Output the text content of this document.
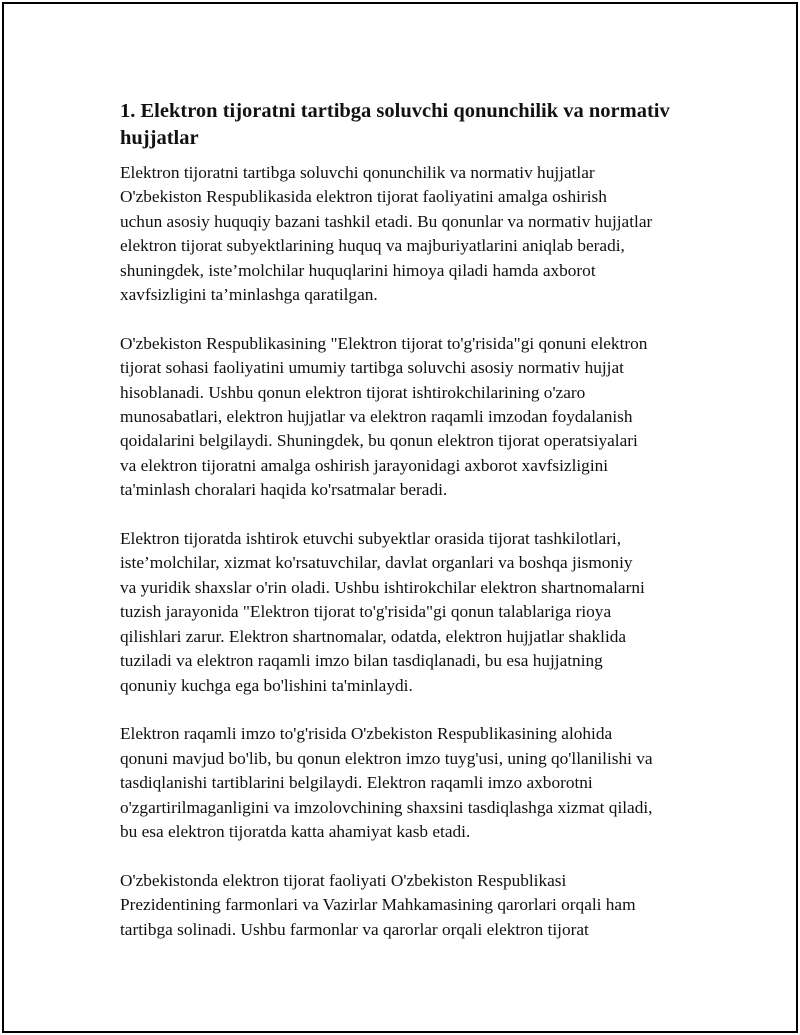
1. Elektron tijoratni tartibga soluvchi qonunchilik va normativ
hujjatlar

Elektron tijoratni tartibga soluvchi qonunchilik va normativ hujjatlar
O'zbekiston Respublikasida elektron tijorat faoliyatini amalga oshirish
uchun asosiy huquqiy bazani tashkil etadi. Bu qonunlar va normativ hujjatlar
elektron tijorat subyektlarining huquq va majburiyatlarini aniqlab beradi,
shuningdek, iste’molchilar huquqlarini himoya qiladi hamda axborot
xavfsizligini ta’minlashga qaratilgan.

O'zbekiston Respublikasining "Elektron tijorat to'g'risida"gi qonuni elektron
tijorat sohasi faoliyatini umumiy tartibga soluvchi asosiy normativ hujjat
hisoblanadi. Ushbu qonun elektron tijorat ishtirokchilarining o'zaro
munosabatlari, elektron hujjatlar va elektron raqamli imzodan foydalanish
qoidalarini belgilaydi. Shuningdek, bu qonun elektron tijorat operatsiyalari
va elektron tijoratni amalga oshirish jarayonidagi axborot xavfsizligini
ta'minlash choralari haqida ko'rsatmalar beradi.

Elektron tijoratda ishtirok etuvchi subyektlar orasida tijorat tashkilotlari,
iste’molchilar, xizmat ko'rsatuvchilar, davlat organlari va boshqa jismoniy
va yuridik shaxslar o'rin oladi. Ushbu ishtirokchilar elektron shartnomalarni
tuzish jarayonida "Elektron tijorat to'g'risida"gi qonun talablariga rioya
qilishlari zarur. Elektron shartnomalar, odatda, elektron hujjatlar shaklida
tuziladi va elektron raqamli imzo bilan tasdiqlanadi, bu esa hujjatning
qonuniy kuchga ega bo'lishini ta'minlaydi.

Elektron raqamli imzo to'g'risida O'zbekiston Respublikasining alohida
qonuni mavjud bo'lib, bu qonun elektron imzo tuyg'usi, uning qo'llanilishi va
tasdiqlanishi tartiblarini belgilaydi. Elektron raqamli imzo axborotni
o'zgartirilmaganligini va imzolovchining shaxsini tasdiqlashga xizmat qiladi,
bu esa elektron tijoratda katta ahamiyat kasb etadi.

O'zbekistonda elektron tijorat faoliyati O'zbekiston Respublikasi
Prezidentining farmonlari va Vazirlar Mahkamasining qarorlari orqali ham
tartibga solinadi. Ushbu farmonlar va qarorlar orqali elektron tijorat
